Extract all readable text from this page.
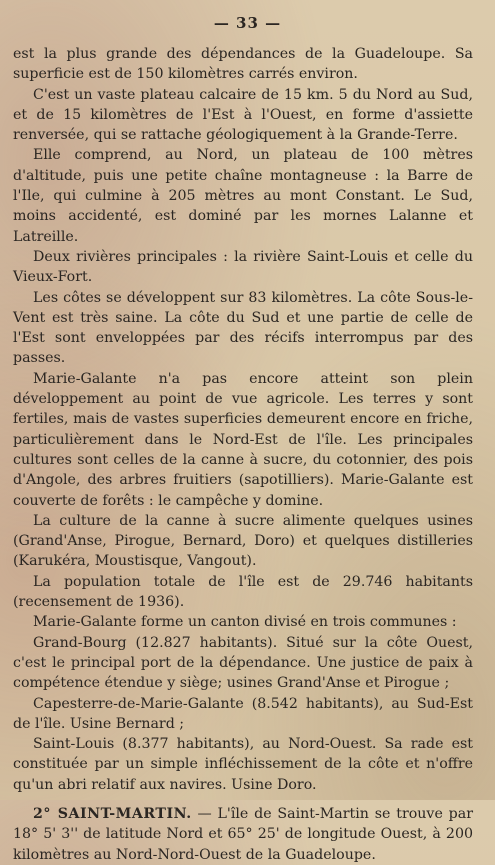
— 33 —

est la plus grande des dépendances de la Guadeloupe. Sa superficie est de 150 kilomètres carrés environ.

C'est un vaste plateau calcaire de 15 km. 5 du Nord au Sud, et de 15 kilomètres de l'Est à l'Ouest, en forme d'assiette renversée, qui se rattache géologiquement à la Grande-Terre.

Elle comprend, au Nord, un plateau de 100 mètres d'altitude, puis une petite chaîne montagneuse : la Barre de l'Ile, qui culmine à 205 mètres au mont Constant. Le Sud, moins accidenté, est dominé par les mornes Lalanne et Latreille.

Deux rivières principales : la rivière Saint-Louis et celle du Vieux-Fort.

Les côtes se développent sur 83 kilomètres. La côte Sous-le-Vent est très saine. La côte du Sud et une partie de celle de l'Est sont enveloppées par des récifs interrompus par des passes.

Marie-Galante n'a pas encore atteint son plein développement au point de vue agricole. Les terres y sont fertiles, mais de vastes superficies demeurent encore en friche, particulièrement dans le Nord-Est de l'île. Les principales cultures sont celles de la canne à sucre, du cotonnier, des pois d'Angole, des arbres fruitiers (sapotilliers). Marie-Galante est couverte de forêts : le campêche y domine.

La culture de la canne à sucre alimente quelques usines (Grand'Anse, Pirogue, Bernard, Doro) et quelques distilleries (Karukéra, Moustisque, Vangout).

La population totale de l'île est de 29.746 habitants (recensement de 1936).

Marie-Galante forme un canton divisé en trois communes :

Grand-Bourg (12.827 habitants). Situé sur la côte Ouest, c'est le principal port de la dépendance. Une justice de paix à compétence étendue y siège; usines Grand'Anse et Pirogue ;

Capesterre-de-Marie-Galante (8.542 habitants), au Sud-Est de l'île. Usine Bernard ;

Saint-Louis (8.377 habitants), au Nord-Ouest. Sa rade est constituée par un simple infléchissement de la côte et n'offre qu'un abri relatif aux navires. Usine Doro.

2° SAINT-MARTIN. — L'île de Saint-Martin se trouve par 18° 5' 3'' de latitude Nord et 65° 25' de longitude Ouest, à 200 kilomètres au Nord-Nord-Ouest de la Guadeloupe.
